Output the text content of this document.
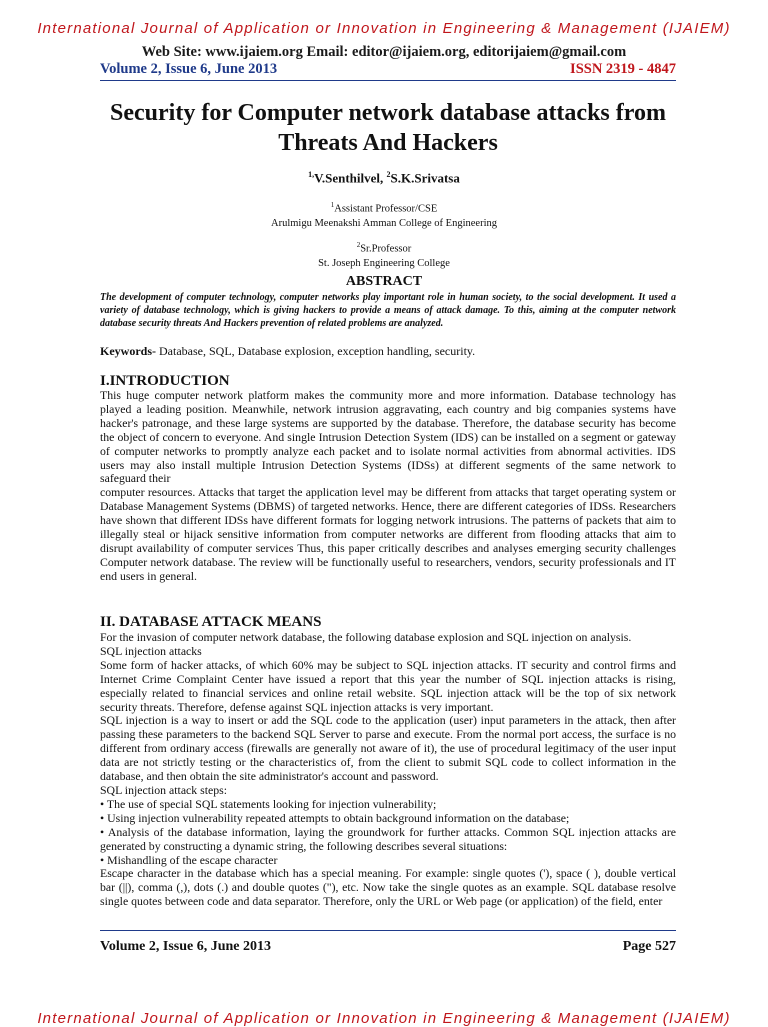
International Journal of Application or Innovation in Engineering & Management (IJAIEM)
Web Site: www.ijaiem.org Email: editor@ijaiem.org, editorijaiem@gmail.com
Volume 2, Issue 6, June 2013	ISSN 2319 - 4847
Security for Computer network database attacks from Threats And Hackers
$^{1,}$V.Senthilvel, $^2$S.K.Srivatsa
$^1$Assistant Professor/CSE
Arulmigu Meenakshi Amman College of Engineering
$^2$Sr.Professor
St. Joseph Engineering College
ABSTRACT
The development of computer technology, computer networks play important role in human society, to the social development. It used a variety of database technology, which is giving hackers to provide a means of attack damage. To this, aiming at the computer network database security threats And Hackers prevention of related problems are analyzed.
Keywords- Database, SQL, Database explosion, exception handling, security.
I.INTRODUCTION

This huge computer network platform makes the community more and more information. Database technology has played a leading position. Meanwhile, network intrusion aggravating, each country and big companies systems have hacker's patronage, and these large systems are supported by the database. Therefore, the database security has become the object of concern to everyone. And single Intrusion Detection System (IDS) can be installed on a segment or gateway of computer networks to promptly analyze each packet and to isolate normal activities from abnormal activities. IDS users may also install multiple Intrusion Detection Systems (IDSs) at different segments of the same network to safeguard their

computer resources. Attacks that target the application level may be different from attacks that target operating system or Database Management Systems (DBMS) of targeted networks. Hence, there are different categories of IDSs. Researchers have shown that different IDSs have different formats for logging network intrusions. The patterns of packets that aim to illegally steal or hijack sensitive information from computer networks are different from flooding attacks that aim to disrupt availability of computer services Thus, this paper critically describes and analyses emerging security challenges Computer network database. The review will be functionally useful to researchers, vendors, security professionals and IT end users in general.

II. DATABASE ATTACK MEANS

For the invasion of computer network database, the following database explosion and SQL injection on analysis.

SQL injection attacks

Some form of hacker attacks, of which 60% may be subject to SQL injection attacks. IT security and control firms and Internet Crime Complaint Center have issued a report that this year the number of SQL injection attacks is rising, especially related to financial services and online retail website. SQL injection attack will be the top of six network security threats. Therefore, defense against SQL injection attacks is very important.

SQL injection is a way to insert or add the SQL code to the application (user) input parameters in the attack, then after passing these parameters to the backend SQL Server to parse and execute. From the normal port access, the surface is no different from ordinary access (firewalls are generally not aware of it), the use of procedural legitimacy of the user input data are not strictly testing or the characteristics of, from the client to submit SQL code to collect information in the database, and then obtain the site administrator's account and password.

SQL injection attack steps:

• The use of special SQL statements looking for injection vulnerability;

• Using injection vulnerability repeated attempts to obtain background information on the database;

• Analysis of the database information, laying the groundwork for further attacks. Common SQL injection attacks are generated by constructing a dynamic string, the following describes several situations:

• Mishandling of the escape character

Escape character in the database which has a special meaning. For example: single quotes ('), space ( ), double vertical bar (||), comma (,), dots (.) and double quotes ("), etc. Now take the single quotes as an example. SQL database resolve single quotes between code and data separator. Therefore, only the URL or Web page (or application) of the field, enter

Volume 2, Issue 6, June 2013	Page 527
International Journal of Application or Innovation in Engineering & Management (IJAIEM)
